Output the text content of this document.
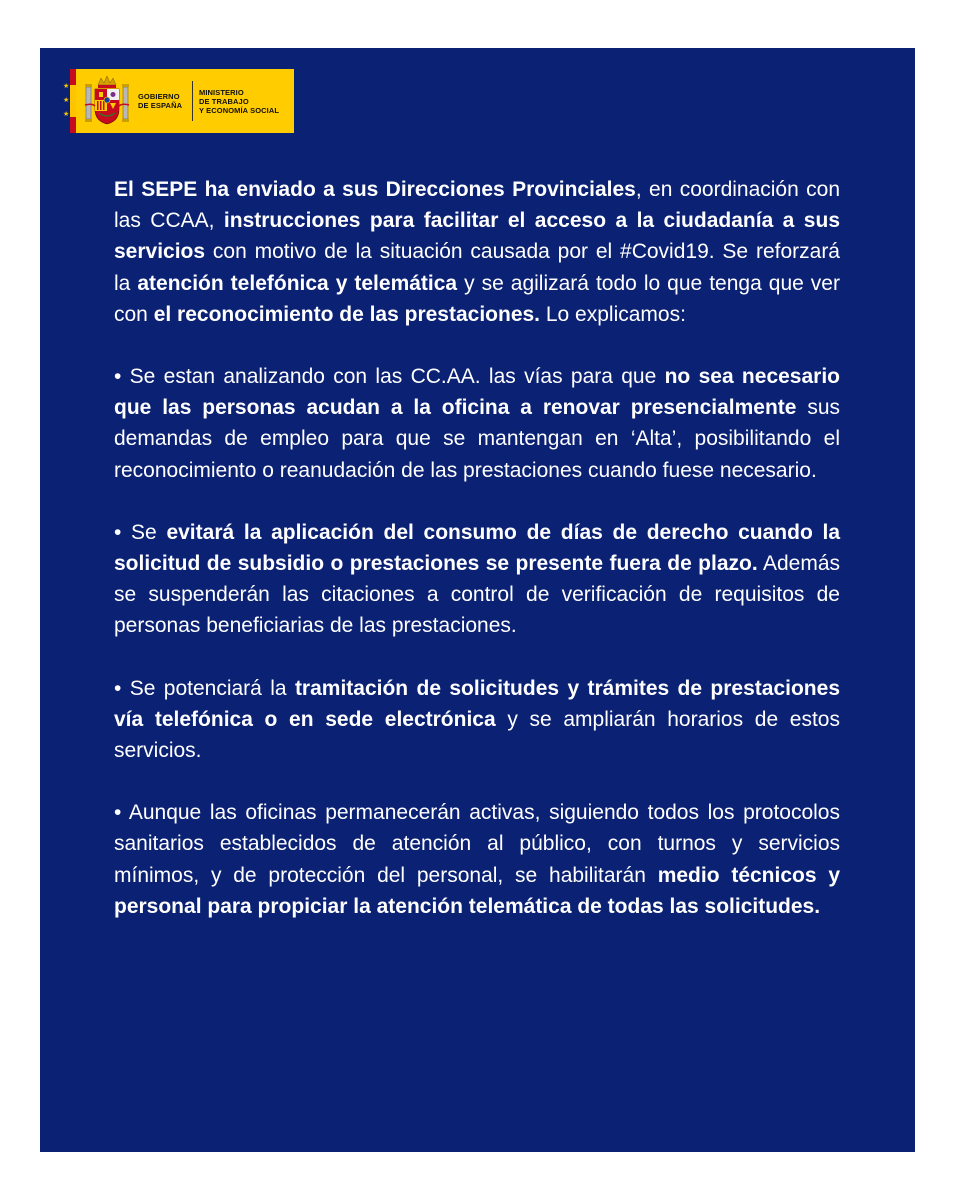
★
★
★
GOBIERNO
DE ESPAÑA
MINISTERIO
DE TRABAJO
Y ECONOMÍA SOCIAL

El SEPE ha enviado a sus Direcciones Provinciales, en coordinación con las CCAA, instrucciones para facilitar el acceso a la ciudadanía a sus servicios con motivo de la situación causada por el #Covid19. Se reforzará la atención telefónica y telemática y se agilizará todo lo que tenga que ver con el reconocimiento de las prestaciones. Lo explicamos:

• Se estan analizando con las CC.AA. las vías para que no sea necesario que las personas acudan a la oficina a renovar presencialmente sus demandas de empleo para que se mantengan en ‘Alta’, posibilitando el reconocimiento o reanudación de las prestaciones cuando fuese necesario.

• Se evitará la aplicación del consumo de días de derecho cuando la solicitud de subsidio o prestaciones se presente fuera de plazo. Además se suspenderán las citaciones a control de verificación de requisitos de personas beneficiarias de las prestaciones.

• Se potenciará la tramitación de solicitudes y trámites de prestaciones vía telefónica o en sede electrónica y se ampliarán horarios de estos servicios.

• Aunque las oficinas permanecerán activas, siguiendo todos los protocolos sanitarios establecidos de atención al público, con turnos y servicios mínimos, y de protección del personal, se habilitarán medio técnicos y personal para propiciar la atención telemática de todas las solicitudes.
